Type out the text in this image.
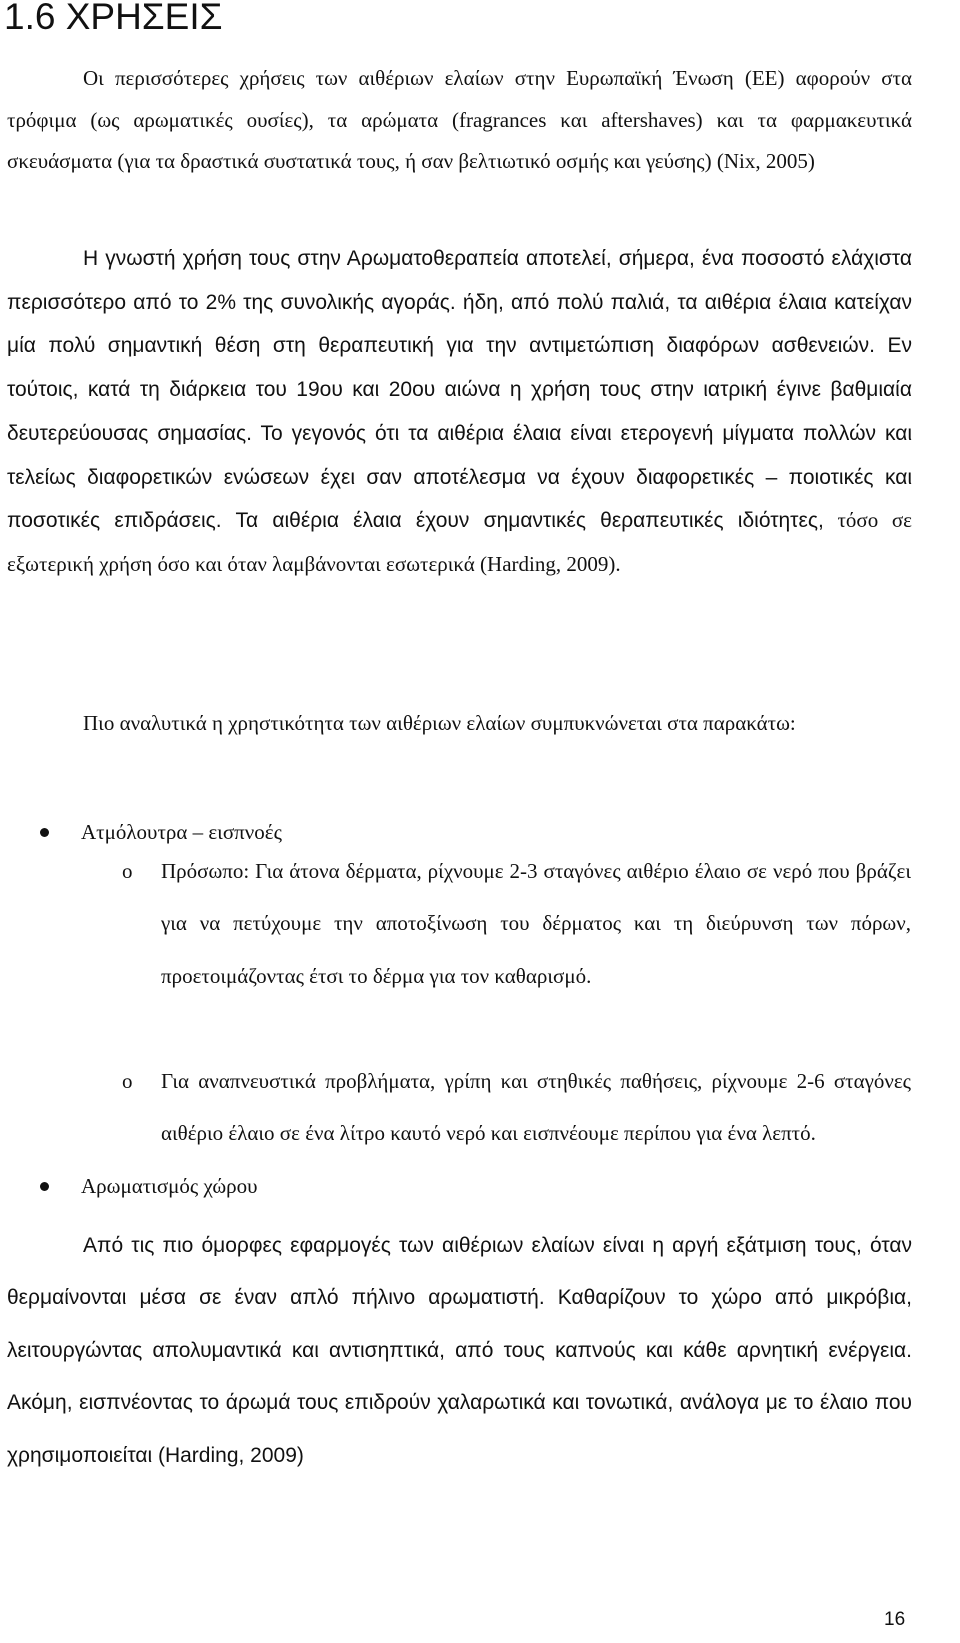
1.6 ΧΡΗΣΕΙΣ

Οι περισσότερες χρήσεις των αιθέριων ελαίων στην Ευρωπαϊκή Ένωση (ΕΕ) αφορούν στα τρόφιμα (ως αρωματικές ουσίες), τα αρώματα (fragrances και aftershaves) και τα φαρμακευτικά σκευάσματα (για τα δραστικά συστατικά τους, ή σαν βελτιωτικό οσμής και γεύσης) (Nix, 2005)

Η γνωστή χρήση τους στην Αρωματοθεραπεία αποτελεί, σήμερα, ένα ποσοστό ελάχιστα περισσότερο από το 2% της συνολικής αγοράς. ήδη, από πολύ παλιά, τα αιθέρια έλαια κατείχαν μία πολύ σημαντική θέση στη θεραπευτική για την αντιμετώπιση διαφόρων ασθενειών. Εν τούτοις, κατά τη διάρκεια του 19ου και 20ου αιώνα η χρήση τους στην ιατρική έγινε βαθμιαία δευτερεύουσας σημασίας. Το γεγονός ότι τα αιθέρια έλαια είναι ετερογενή μίγματα πολλών και τελείως διαφορετικών ενώσεων έχει σαν αποτέλεσμα να έχουν διαφορετικές – ποιοτικές και ποσοτικές επιδράσεις. Τα αιθέρια έλαια έχουν σημαντικές θεραπευτικές ιδιότητες, τόσο σε εξωτερική χρήση όσο και όταν λαμβάνονται εσωτερικά (Harding, 2009).

Πιο αναλυτικά η χρηστικότητα των αιθέριων ελαίων συμπυκνώνεται στα παρακάτω:

Ατμόλουτρα – εισπνοές
o Πρόσωπο: Για άτονα δέρματα, ρίχνουμε 2-3 σταγόνες αιθέριο έλαιο σε νερό που βράζει για να πετύχουμε την αποτοξίνωση του δέρματος και τη διεύρυνση των πόρων, προετοιμάζοντας έτσι το δέρμα για τον καθαρισμό.

o Για αναπνευστικά προβλήματα, γρίπη και στηθικές παθήσεις, ρίχνουμε 2-6 σταγόνες αιθέριο έλαιο σε ένα λίτρο καυτό νερό και εισπνέουμε περίπου για ένα λεπτό.

Αρωματισμός χώρου

Από τις πιο όμορφες εφαρμογές των αιθέριων ελαίων είναι η αργή εξάτμιση τους, όταν θερμαίνονται μέσα σε έναν απλό πήλινο αρωματιστή. Καθαρίζουν το χώρο από μικρόβια, λειτουργώντας απολυμαντικά και αντισηπτικά, από τους καπνούς και κάθε αρνητική ενέργεια. Ακόμη, εισπνέοντας το άρωμά τους επιδρούν χαλαρωτικά και τονωτικά, ανάλογα με το έλαιο που χρησιμοποιείται (Harding, 2009)

16
